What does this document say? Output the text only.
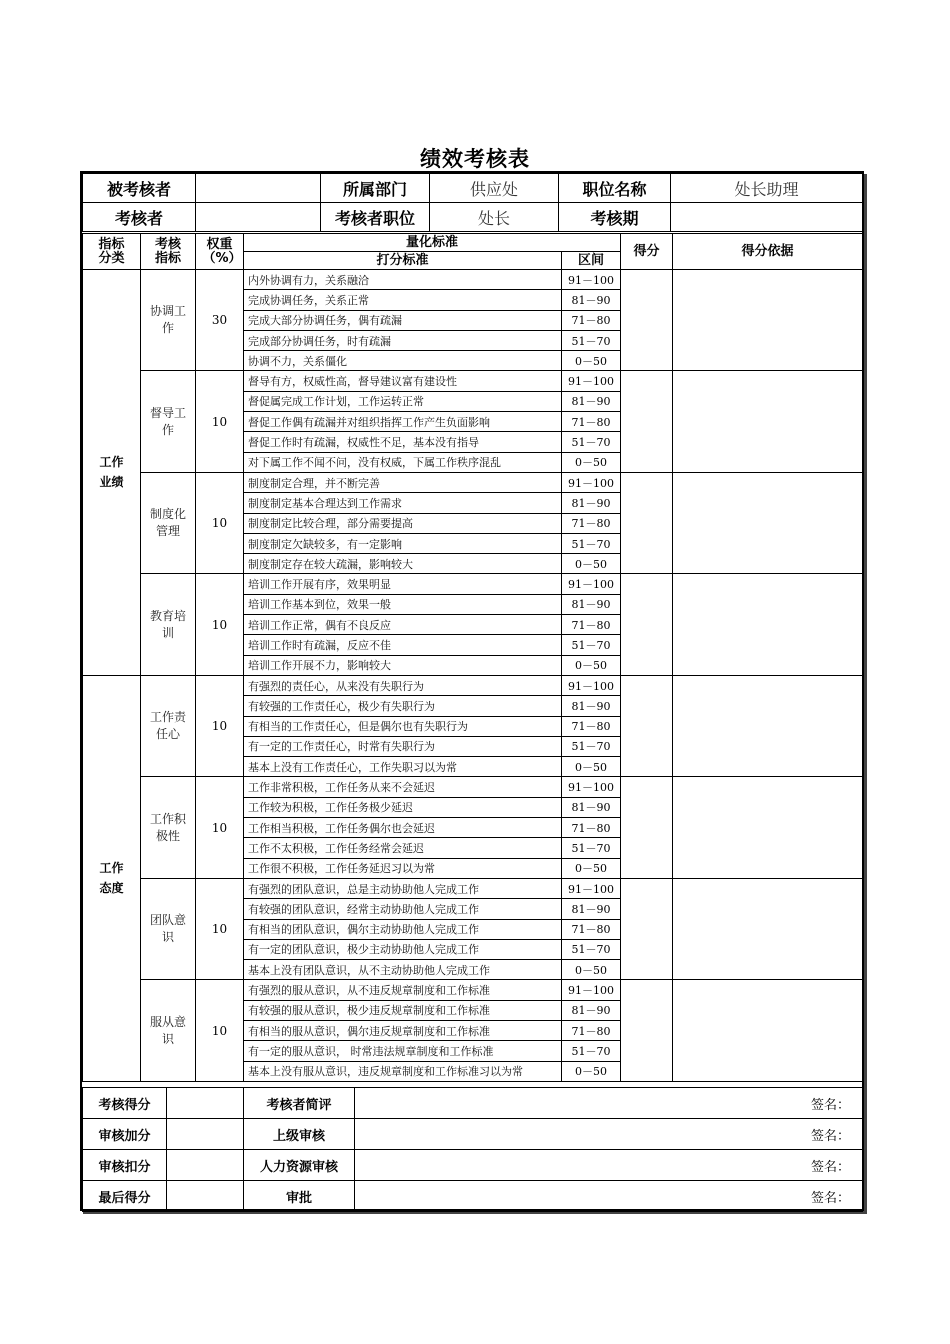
绩效考核表
被考核者		所属部门	供应处	职位名称	处长助理
考核者		考核者职位	处长	考核期	
指标分类	考核指标	权重（%）	量化标准		得分	得分依据
			打分标准	区间		

工作业绩	协调工作	30	内外协调有力，关系融洽	91－100		
			完成协调任务，关系正常	81－90		
			完成大部分协调任务，偶有疏漏	71－80		
			完成部分协调任务，时有疏漏	51－70		
			协调不力，关系僵化	0－50		

	督导工作	10	督导有方，权威性高，督导建议富有建设性	91－100		
			督促属完成工作计划，工作运转正常	81－90		
			督促工作偶有疏漏并对组织指挥工作产生负面影响	71－80		
			督促工作时有疏漏，权威性不足，基本没有指导	51－70		
			对下属工作不闻不问，没有权威，下属工作秩序混乱	0－50		

	制度化管理	10	制度制定合理，并不断完善	91－100		
			制度制定基本合理达到工作需求	81－90		
			制度制定比较合理，部分需要提高	71－80		
			制度制定欠缺较多，有一定影响	51－70		
			制度制定存在较大疏漏，影响较大	0－50		

	教育培训	10	培训工作开展有序，效果明显	91－100		
			培训工作基本到位，效果一般	81－90		
			培训工作正常，偶有不良反应	71－80		
			培训工作时有疏漏，反应不佳	51－70		
			培训工作开展不力，影响较大	0－50		

工作态度	工作责任心	10	有强烈的责任心，从来没有失职行为	91－100		
			有较强的工作责任心，极少有失职行为	81－90		
			有相当的工作责任心，但是偶尔也有失职行为	71－80		
			有一定的工作责任心，时常有失职行为	51－70		
			基本上没有工作责任心，工作失职习以为常	0－50		

	工作积极性	10	工作非常积极，工作任务从来不会延迟	91－100		
			工作较为积极，工作任务极少延迟	81－90		
			工作相当积极，工作任务偶尔也会延迟	71－80		
			工作不太积极，工作任务经常会延迟	51－70		
			工作很不积极，工作任务延迟习以为常	0－50		

	团队意识	10	有强烈的团队意识，总是主动协助他人完成工作	91－100		
			有较强的团队意识，经常主动协助他人完成工作	81－90		
			有相当的团队意识，偶尔主动协助他人完成工作	71－80		
			有一定的团队意识，极少主动协助他人完成工作	51－70		
			基本上没有团队意识，从不主动协助他人完成工作	0－50		

	服从意识	10	有强烈的服从意识，从不违反规章制度和工作标准	91－100		
			有较强的服从意识，极少违反规章制度和工作标准	81－90		
			有相当的服从意识，偶尔违反规章制度和工作标准	71－80		
			有一定的服从意识， 时常违法规章制度和工作标准	51－70		
			基本上没有服从意识，违反规章制度和工作标准习以为常	0－50		
考核得分		考核者简评	签名：
审核加分		上级审核	签名：
审核扣分		人力资源审核	签名：
最后得分		审批	签名：
